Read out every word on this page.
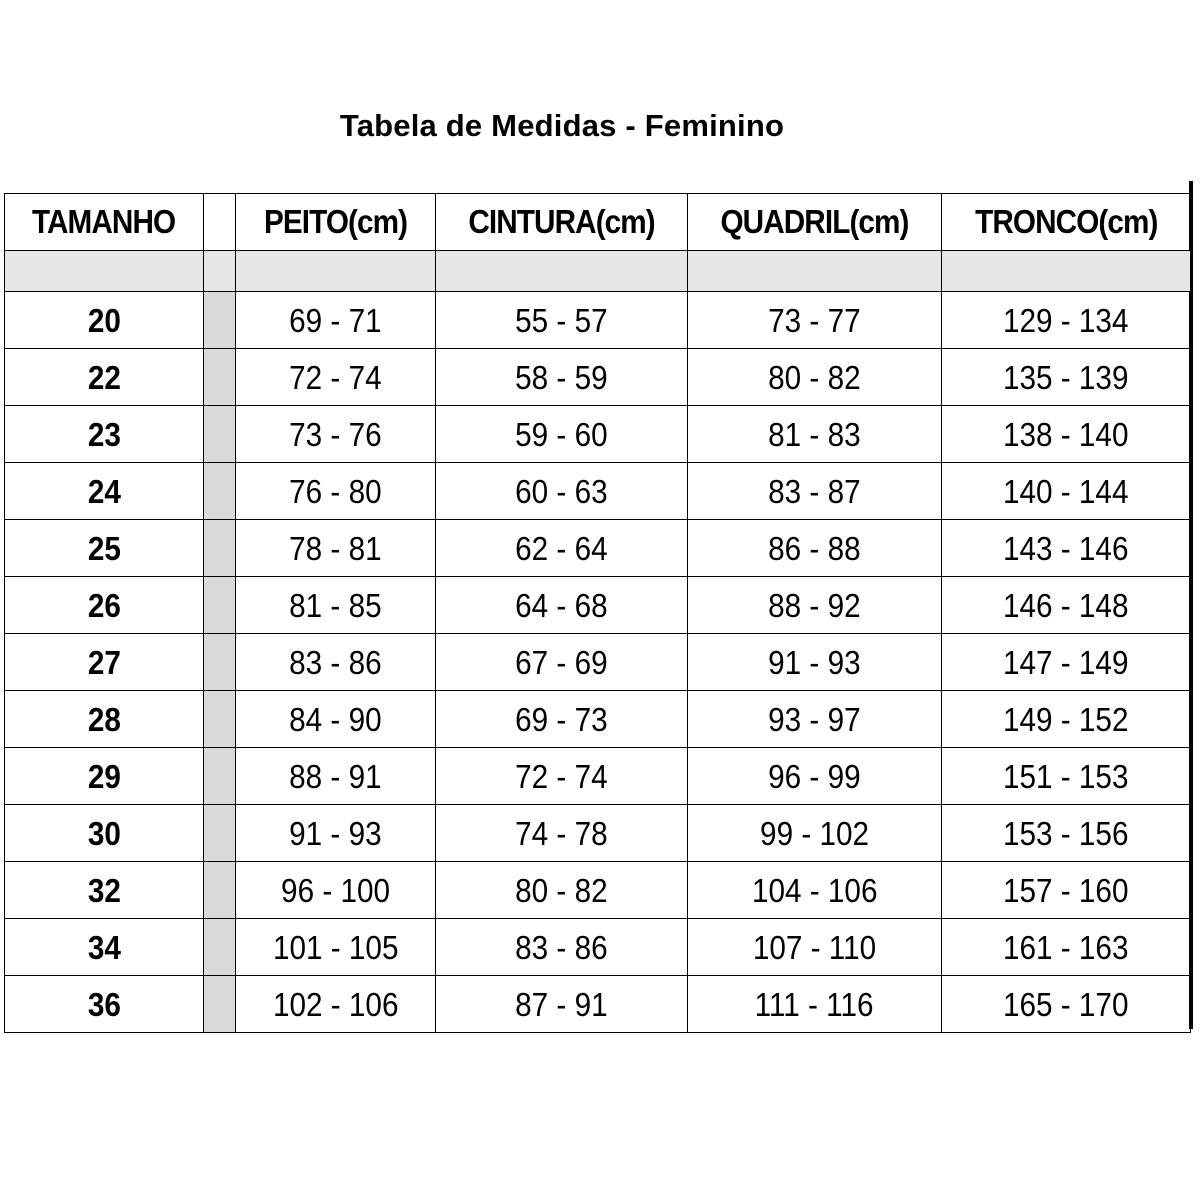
Tabela de Medidas - Feminino
TAMANHO		PEITO(cm)	CINTURA(cm)	QUADRIL(cm)	TRONCO(cm)

20		69 - 71	55 - 57	73 - 77	129 - 134
22		72 - 74	58 - 59	80 - 82	135 - 139
23		73 - 76	59 - 60	81 - 83	138 - 140
24		76 - 80	60 - 63	83 - 87	140 - 144
25		78 - 81	62 - 64	86 - 88	143 - 146
26		81 - 85	64 - 68	88 - 92	146 - 148
27		83 - 86	67 - 69	91 - 93	147 - 149
28		84 - 90	69 - 73	93 - 97	149 - 152
29		88 - 91	72 - 74	96 - 99	151 - 153
30		91 - 93	74 - 78	99 - 102	153 - 156
32		96 - 100	80 - 82	104 - 106	157 - 160
34		101 - 105	83 - 86	107 - 110	161 - 163
36		102 - 106	87 - 91	111 - 116	165 - 170
